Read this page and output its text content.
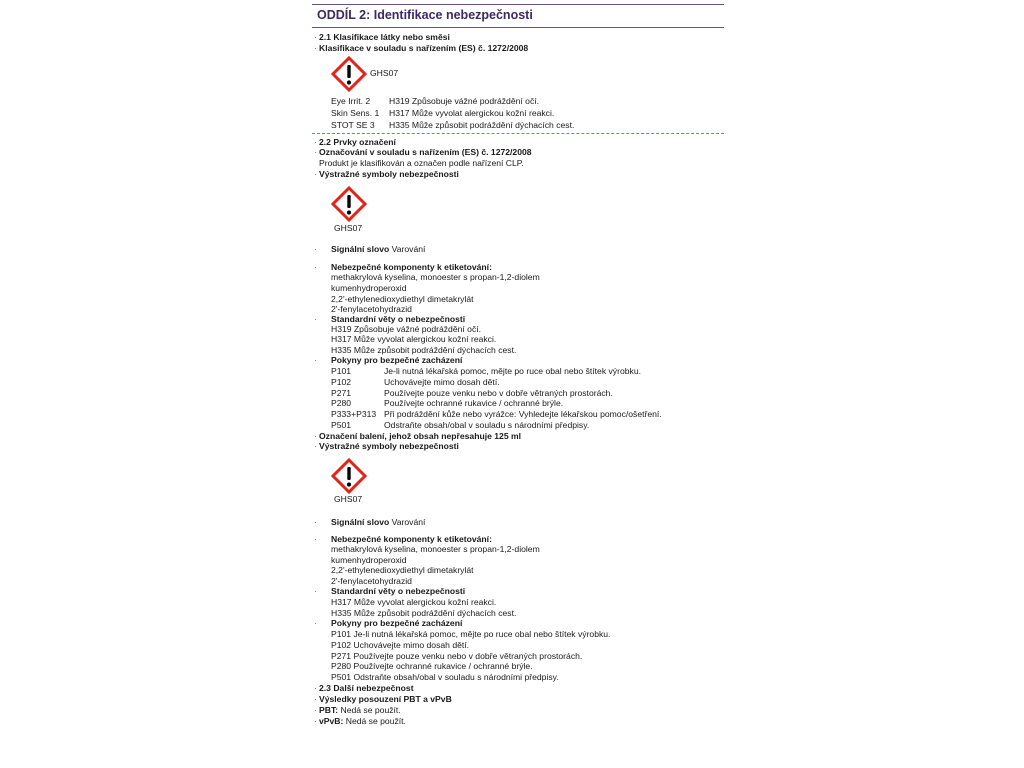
ODDÍL 2: Identifikace nebezpečnosti
· 2.1 Klasifikace látky nebo směsi
· Klasifikace v souladu s nařízením (ES) č. 1272/2008
GHS07
Eye Irrit. 2 H319 Způsobuje vážné podráždění očí.
Skin Sens. 1 H317 Může vyvolat alergickou kožní reakci.
STOT SE 3 H335 Může způsobit podráždění dýchacích cest.
· 2.2 Prvky označení
· Označování v souladu s nařízením (ES) č. 1272/2008
Produkt je klasifikován a označen podle nařízení CLP.
· Výstražné symboly nebezpečnosti
GHS07
· Signální slovo Varování
· Nebezpečné komponenty k etiketování:
methakrylová kyselina, monoester s propan-1,2-diolem
kumenhydroperoxid
2,2'-ethylenedioxydiethyl dimetakrylát
2'-fenylacetohydrazid
· Standardní věty o nebezpečnosti
H319 Způsobuje vážné podráždění očí.
H317 Může vyvolat alergickou kožní reakci.
H335 Může způsobit podráždění dýchacích cest.
· Pokyny pro bezpečné zacházení
P101	Je-li nutná lékařská pomoc, mějte po ruce obal nebo štítek výrobku.
P102	Uchovávejte mimo dosah dětí.
P271	Používejte pouze venku nebo v dobře větraných prostorách.
P280	Používejte ochranné rukavice / ochranné brýle.
P333+P313 Při podráždění kůže nebo vyrážce: Vyhledejte lékařskou pomoc/ošetření.
P501	Odstraňte obsah/obal v souladu s národními předpisy.
· Označení balení, jehož obsah nepřesahuje 125 ml
· Výstražné symboly nebezpečnosti
GHS07
· Signální slovo Varování
· Nebezpečné komponenty k etiketování:
methakrylová kyselina, monoester s propan-1,2-diolem
kumenhydroperoxid
2,2'-ethylenedioxydiethyl dimetakrylát
2'-fenylacetohydrazid
· Standardní věty o nebezpečnosti
H317 Může vyvolat alergickou kožní reakci.
H335 Může způsobit podráždění dýchacích cest.
· Pokyny pro bezpečné zacházení
P101 Je-li nutná lékařská pomoc, mějte po ruce obal nebo štítek výrobku.
P102 Uchovávejte mimo dosah dětí.
P271 Používejte pouze venku nebo v dobře větraných prostorách.
P280 Používejte ochranné rukavice / ochranné brýle.
P501 Odstraňte obsah/obal v souladu s národními předpisy.
· 2.3 Další nebezpečnost
· Výsledky posouzení PBT a vPvB
· PBT: Nedá se použít.
· vPvB: Nedá se použít.
